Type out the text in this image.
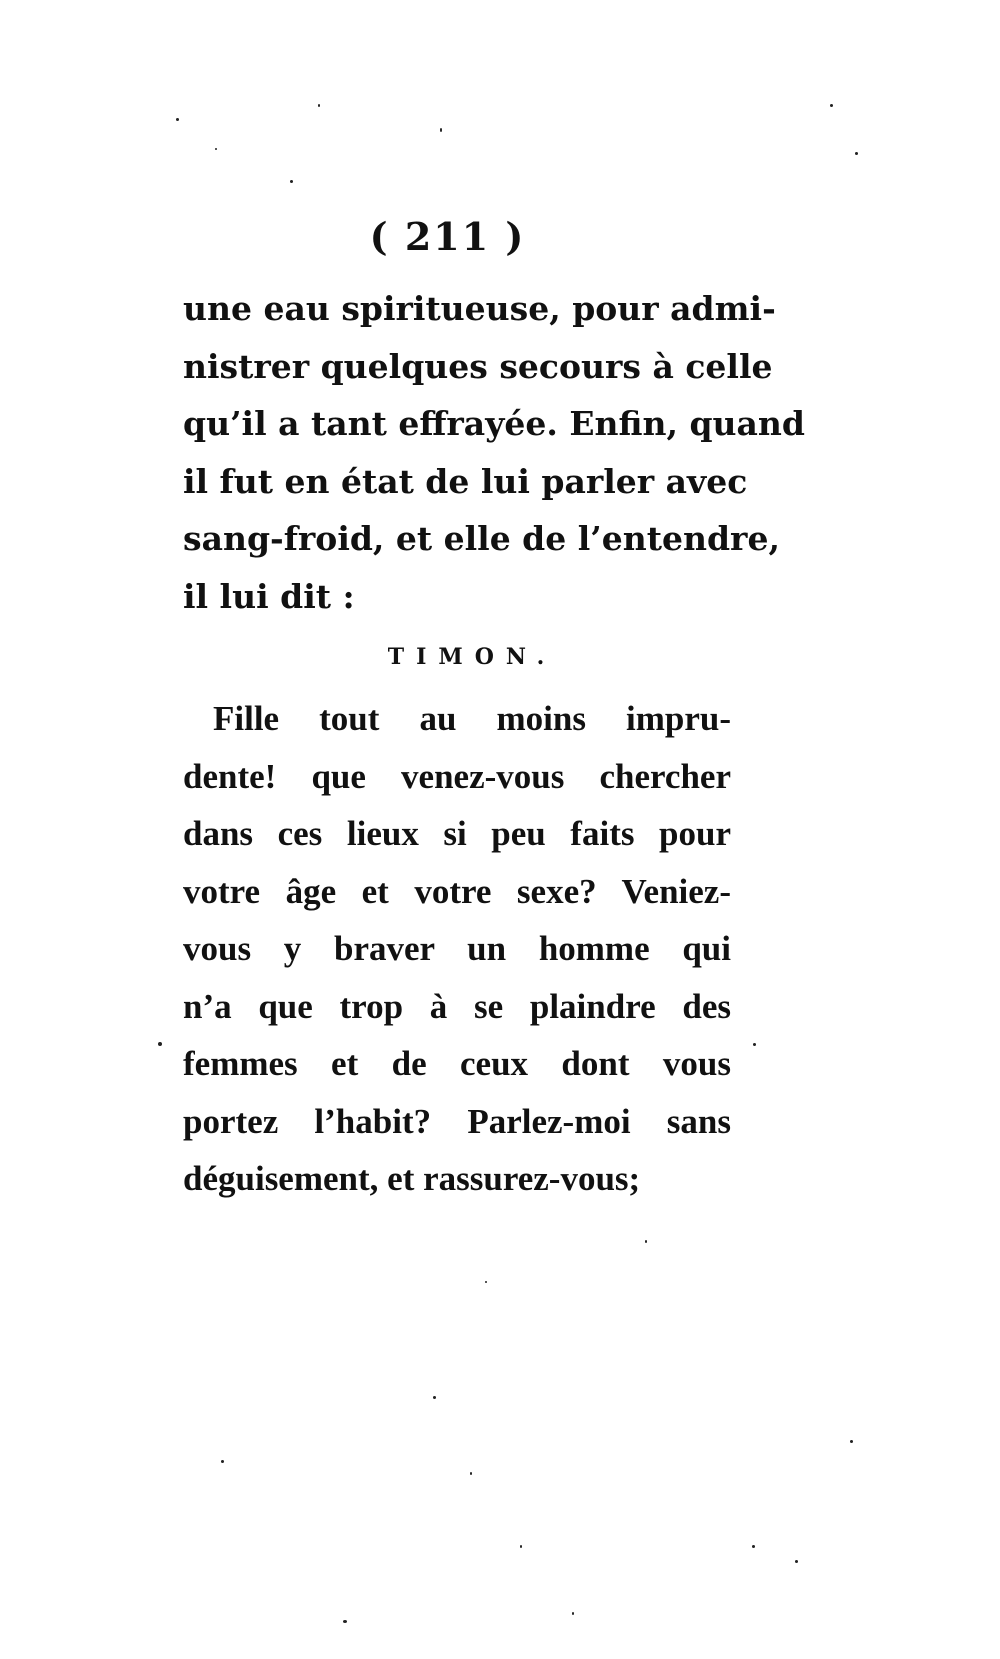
( 211 )
une eau spiritueuse, pour admi-
nistrer quelques secours à celle
qu’il a tant effrayée. Enfin, quand
il fut en état de lui parler avec
sang-froid, et elle de l’entendre,
il lui dit :
TIMON.
Fille tout au moins impru-
dente! que venez-vous chercher
dans ces lieux si peu faits pour
votre âge et votre sexe? Veniez-
vous y braver un homme qui
n’a que trop à se plaindre des
femmes et de ceux dont vous
portez l’habit? Parlez-moi sans
déguisement, et rassurez-vous;
